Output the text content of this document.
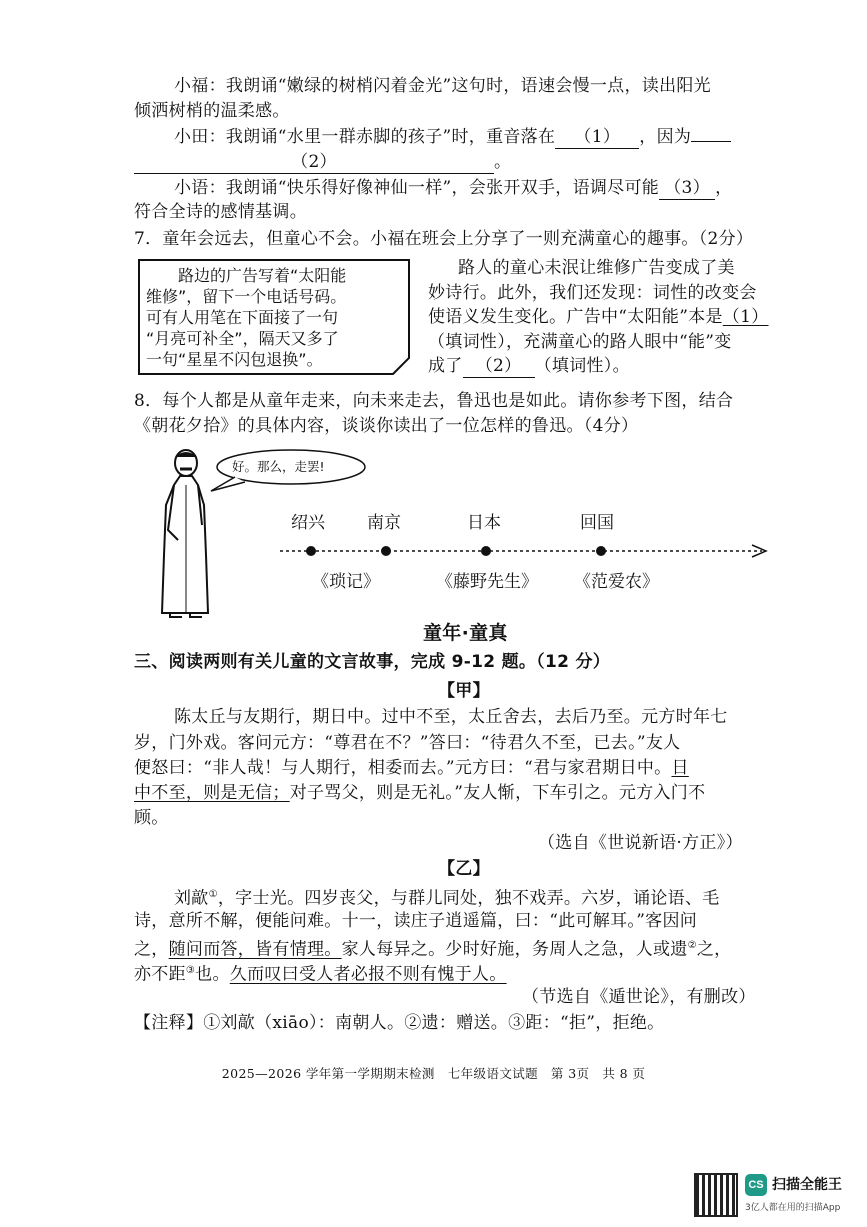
小福：我朗诵“嫩绿的树梢闪着金光”这句时，语速会慢一点，读出阳光
倾洒树梢的温柔感。
小田：我朗诵“水里一群赤脚的孩子”时，重音落在 （1） ，因为
（2）	。
小语：我朗诵“快乐得好像神仙一样”，会张开双手，语调尽可能 （3） ，
符合全诗的感情基调。
7．童年会远去，但童心不会。小福在班会上分享了一则充满童心的趣事。（2分）
路边的广告写着“太阳能
维修”，留下一个电话号码。
可有人用笔在下面接了一句
“月亮可补全”，隔天又多了
一句“星星不闪包退换”。
路人的童心未泯让维修广告变成了美
妙诗行。此外，我们还发现：词性的改变会
使语义发生变化。广告中“太阳能”本是（1）
（填词性），充满童心的路人眼中“能”变
成了 （2） （填词性）。
8．每个人都是从童年走来，向未来走去，鲁迅也是如此。请你参考下图，结合
《朝花夕拾》的具体内容，谈谈你读出了一位怎样的鲁迅。（4分）
好。那么，走罢!
绍兴 南京	日本	回国
《琐记》	《藤野先生》 《范爱农》
童年·童真
三、阅读两则有关儿童的文言故事，完成 9-12 题。（12 分）
【甲】
陈太丘与友期行，期日中。过中不至，太丘舍去，去后乃至。元方时年七
岁，门外戏。客问元方：“尊君在不？”答曰：“待君久不至，已去。”友人
便怒曰：“非人哉！与人期行，相委而去。”元方曰：“君与家君期日中。日
中不至，则是无信；对子骂父，则是无礼。”友人惭，下车引之。元方入门不
顾。
（选自《世说新语·方正》）
【乙】
刘歊①，字士光。四岁丧父，与群儿同处，独不戏弄。六岁，诵论语、毛
诗，意所不解，便能问难。十一，读庄子逍遥篇，曰：“此可解耳。”客因问
之，随问而答，皆有情理。家人每异之。少时好施，务周人之急，人或遗②之，
亦不距③也。久而叹曰受人者必报不则有愧于人。
（节选自《遁世论》，有删改）
【注释】①刘歊（xiāo）：南朝人。②遗：赠送。③距：“拒”，拒绝。
2025—2026 学年第一学期期末检测　七年级语文试题　第 3页　共 8 页
CS 扫描全能王
3亿人都在用的扫描App
